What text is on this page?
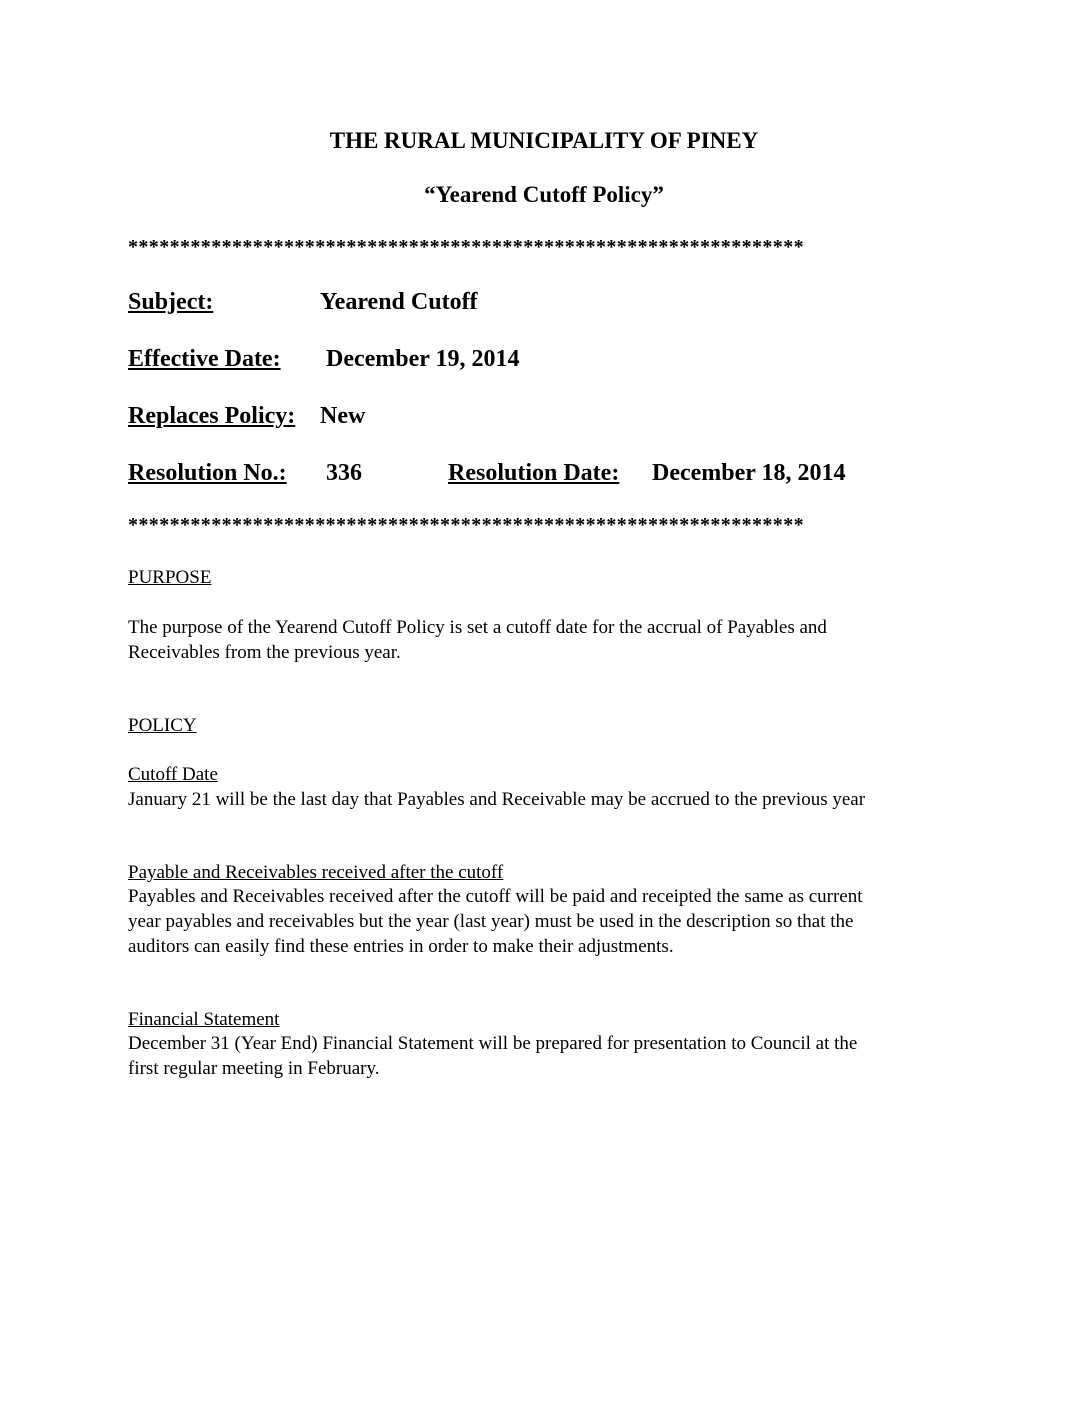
THE RURAL MUNICIPALITY OF PINEY
“Yearend Cutoff Policy”
*****************************************************************
Subject:	Yearend Cutoff
Effective Date: December 19, 2014
Replaces Policy: New
Resolution No.: 336	Resolution Date: December 18, 2014
*****************************************************************
PURPOSE
The purpose of the Yearend Cutoff Policy is set a cutoff date for the accrual of Payables and
Receivables from the previous year.
POLICY
Cutoff Date
January 21 will be the last day that Payables and Receivable may be accrued to the previous year
Payable and Receivables received after the cutoff
Payables and Receivables received after the cutoff will be paid and receipted the same as current
year payables and receivables but the year (last year) must be used in the description so that the
auditors can easily find these entries in order to make their adjustments.
Financial Statement
December 31 (Year End) Financial Statement will be prepared for presentation to Council at the
first regular meeting in February.
